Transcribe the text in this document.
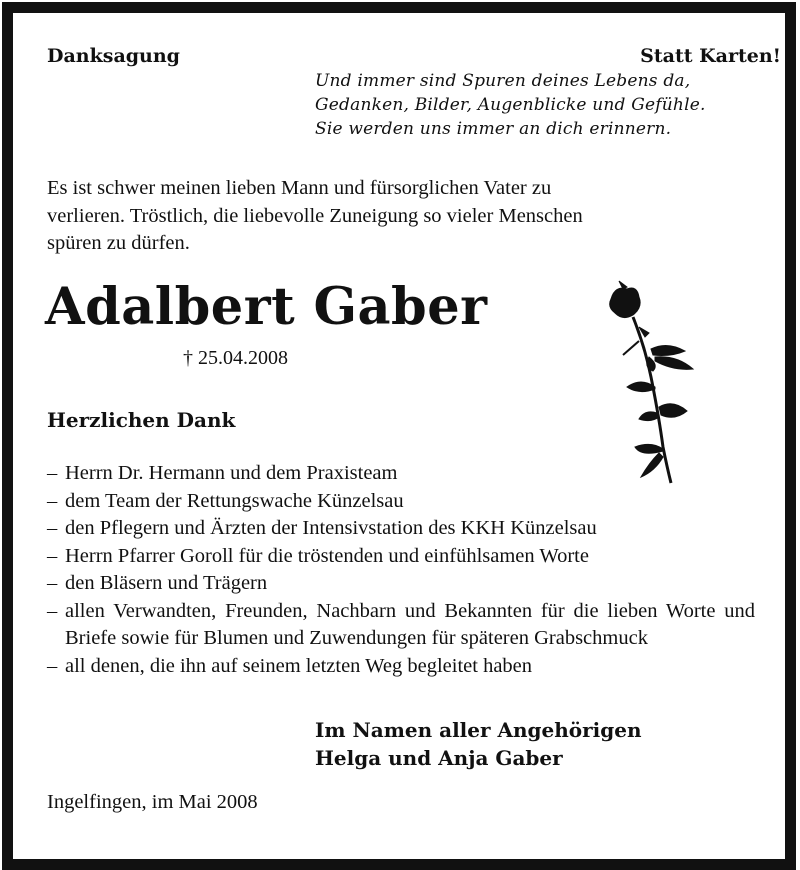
Danksagung	Statt Karten!
Und immer sind Spuren deines Lebens da,
Gedanken, Bilder, Augenblicke und Gefühle.
Sie werden uns immer an dich erinnern.
Es ist schwer meinen lieben Mann und fürsorglichen Vater zu
verlieren. Tröstlich, die liebevolle Zuneigung so vieler Menschen
spüren zu dürfen.
Adalbert Gaber
† 25.04.2008
Herzlichen Dank
– Herrn Dr. Hermann und dem Praxisteam
– dem Team der Rettungswache Künzelsau
– den Pflegern und Ärzten der Intensivstation des KKH Künzelsau
– Herrn Pfarrer Goroll für die tröstenden und einfühlsamen Worte
– den Bläsern und Trägern
– allen Verwandten, Freunden, Nachbarn und Bekannten für die lieben Worte und Briefe sowie für Blumen und Zuwendungen für späteren Grabschmuck
– all denen, die ihn auf seinem letzten Weg begleitet haben
Im Namen aller Angehörigen
Helga und Anja Gaber
Ingelfingen, im Mai 2008
